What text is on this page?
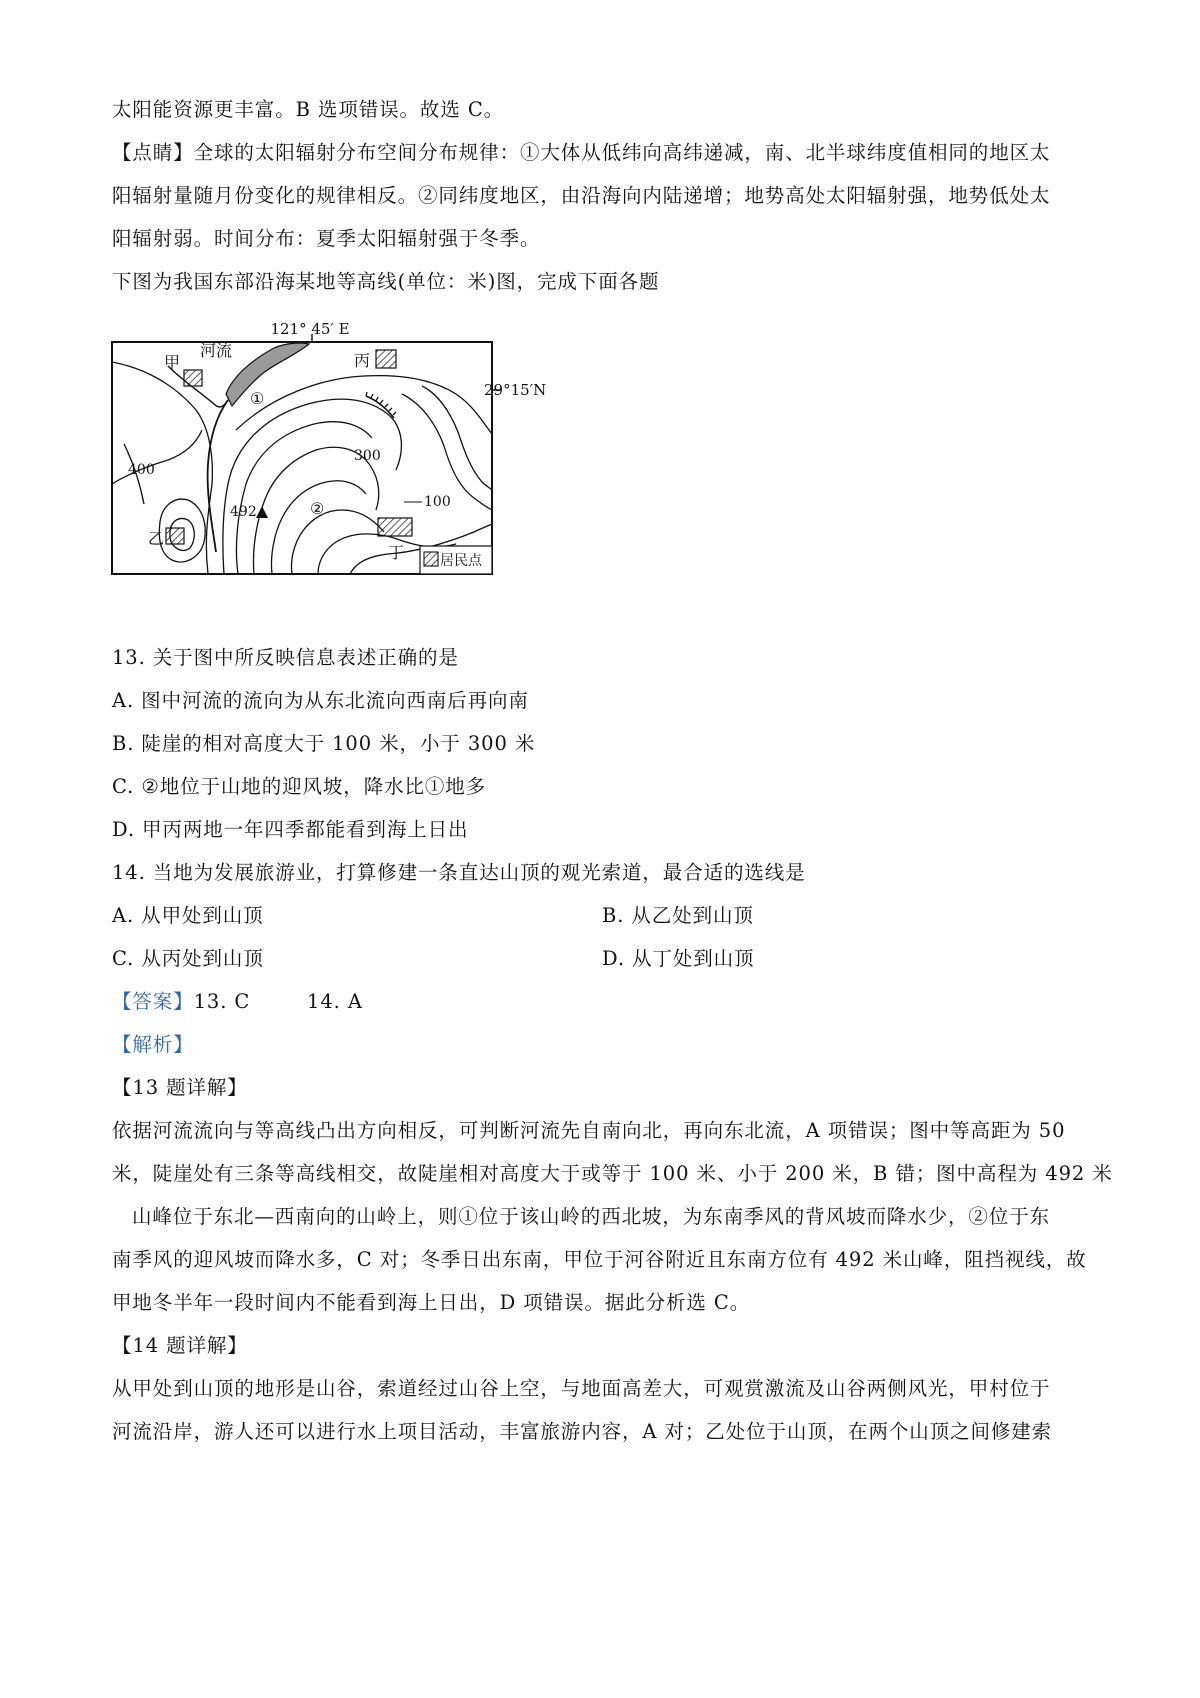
太阳能资源更丰富。B 选项错误。故选 C。

【点睛】全球的太阳辐射分布空间分布规律：①大体从低纬向高纬递减，南、北半球纬度值相同的地区太

阳辐射量随月份变化的规律相反。②同纬度地区，由沿海向内陆递增；地势高处太阳辐射强，地势低处太

阳辐射弱。时间分布：夏季太阳辐射强于冬季。

下图为我国东部沿海某地等高线(单位：米)图，完成下面各题

121° 45′ E
29°15′N
河流
甲	丙
①
400
300
492	②	100
乙
丁	居民点

13. 关于图中所反映信息表述正确的是

A. 图中河流的流向为从东北流向西南后再向南

B. 陡崖的相对高度大于 100 米，小于 300 米

C. ②地位于山地的迎风坡，降水比①地多

D. 甲丙两地一年四季都能看到海上日出

14. 当地为发展旅游业，打算修建一条直达山顶的观光索道，最合适的选线是

A. 从甲处到山顶	B. 从乙处到山顶

C. 从丙处到山顶	D. 从丁处到山顶

【答案】13. C        14. A

【解析】

【13 题详解】

依据河流流向与等高线凸出方向相反，可判断河流先自南向北，再向东北流，A 项错误；图中等高距为 50

米，陡崖处有三条等高线相交，故陡崖相对高度大于或等于 100 米、小于 200 米，B 错；图中高程为 492 米

山峰位于东北—西南向的山岭上，则①位于该山岭的西北坡，为东南季风的背风坡而降水少，②位于东

南季风的迎风坡而降水多，C 对；冬季日出东南，甲位于河谷附近且东南方位有 492 米山峰，阻挡视线，故

甲地冬半年一段时间内不能看到海上日出，D 项错误。据此分析选 C。

【14 题详解】

从甲处到山顶的地形是山谷，索道经过山谷上空，与地面高差大，可观赏激流及山谷两侧风光，甲村位于

河流沿岸，游人还可以进行水上项目活动，丰富旅游内容，A 对；乙处位于山顶，在两个山顶之间修建索
